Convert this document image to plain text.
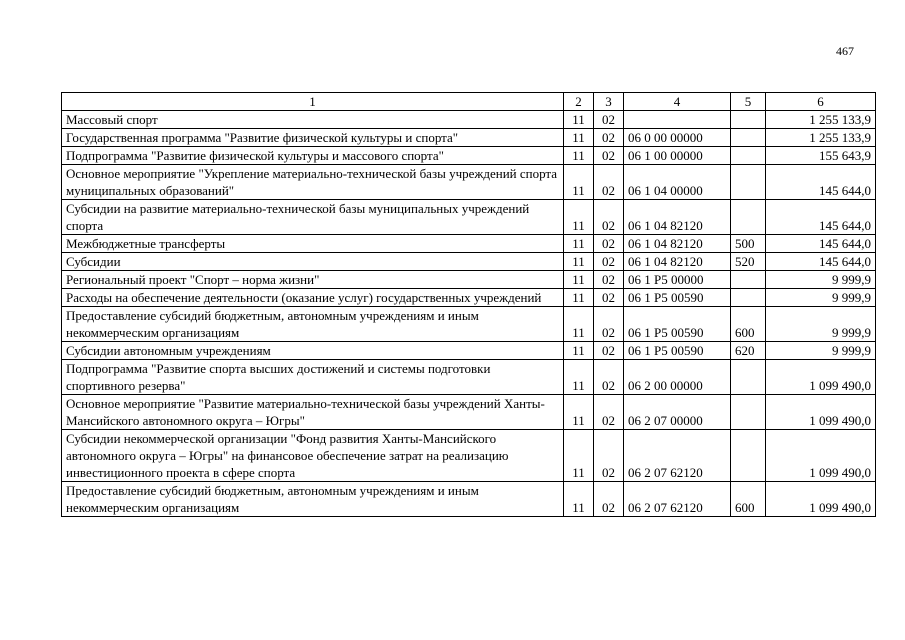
467
1	2	3	4	5	6
Массовый спорт	11	02			1 255 133,9
Государственная программа "Развитие физической культуры и спорта"	11	02	06 0 00 00000		1 255 133,9
Подпрограмма "Развитие физической культуры и массового спорта"	11	02	06 1 00 00000		155 643,9
Основное мероприятие "Укрепление материально-технической базы учреждений спорта муниципальных образований"	11	02	06 1 04 00000		145 644,0
Субсидии на развитие материально-технической базы муниципальных учреждений спорта	11	02	06 1 04 82120		145 644,0
Межбюджетные трансферты	11	02	06 1 04 82120	500	145 644,0
Субсидии	11	02	06 1 04 82120	520	145 644,0
Региональный проект "Спорт – норма жизни"	11	02	06 1 P5 00000		9 999,9
Расходы на обеспечение деятельности (оказание услуг) государственных учреждений	11	02	06 1 P5 00590		9 999,9
Предоставление субсидий бюджетным, автономным учреждениям и иным некоммерческим организациям	11	02	06 1 P5 00590	600	9 999,9
Субсидии автономным учреждениям	11	02	06 1 P5 00590	620	9 999,9
Подпрограмма "Развитие спорта высших достижений и системы подготовки спортивного резерва"	11	02	06 2 00 00000		1 099 490,0
Основное мероприятие "Развитие материально-технической базы учреждений Ханты-Мансийского автономного округа – Югры"	11	02	06 2 07 00000		1 099 490,0
Субсидии некоммерческой организации "Фонд развития Ханты-Мансийского автономного округа – Югры" на финансовое обеспечение затрат на реализацию инвестиционного проекта в сфере спорта	11	02	06 2 07 62120		1 099 490,0
Предоставление субсидий бюджетным, автономным учреждениям и иным некоммерческим организациям	11	02	06 2 07 62120	600	1 099 490,0
